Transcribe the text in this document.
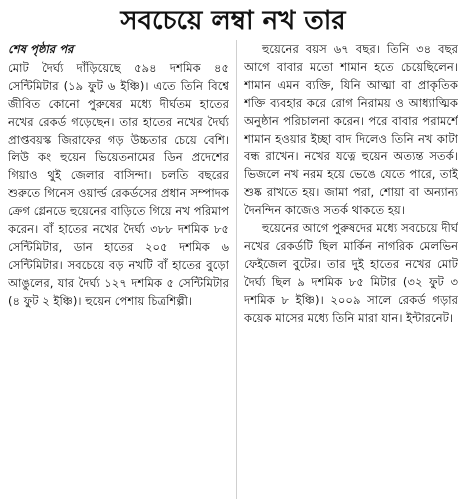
সবচেয়ে লম্বা নখ তার
শেষ পৃষ্ঠার পর

মোট দৈর্ঘ্য দাঁড়িয়েছে ৫৯৪ দশমিক ৪৫ সেন্টিমিটার (১৯ ফুট ৬ ইঞ্চি)। এতে তিনি বিশ্বে জীবিত কোনো পুরুষের মধ্যে দীর্ঘতম হাতের নখের রেকর্ড গড়েছেন। তার হাতের নখের দৈর্ঘ্য প্রাপ্তবয়স্ক জিরাফের গড় উচ্চতার চেয়ে বেশি। লিউ কং হুয়েন ভিয়েতনামের ডিন প্রদেশের গিয়াও থুই জেলার বাসিন্দা। চলতি বছরের শুরুতে গিনেস ওয়ার্ল্ড রেকর্ডসের প্রধান সম্পাদক ক্রেগ গ্লেনডে হুয়েনের বাড়িতে গিয়ে নখ পরিমাপ করেন। বাঁ হাতের নখের দৈর্ঘ্য ৩৮৮ দশমিক ৮৫ সেন্টিমিটার, ডান হাতের ২০৫ দশমিক ৬ সেন্টিমিটার। সবচেয়ে বড় নখটি বাঁ হাতের বুড়ো আঙুলের, যার দৈর্ঘ্য ১২৭ দশমিক ৫ সেন্টিমিটার (৪ ফুট ২ ইঞ্চি)। হুয়েন পেশায় চিত্রশিল্পী।

হুয়েনের বয়স ৬৭ বছর। তিনি ৩৪ বছর আগে বাবার মতো শামান হতে চেয়েছিলেন। শামান এমন ব্যক্তি, যিনি আত্মা বা প্রাকৃতিক শক্তি ব্যবহার করে রোগ নিরাময় ও আধ্যাত্মিক অনুষ্ঠান পরিচালনা করেন। পরে বাবার পরামর্শে শামান হওয়ার ইচ্ছা বাদ দিলেও তিনি নখ কাটা বন্ধ রাখেন। নখের যত্নে হুয়েন অত্যন্ত সতর্ক। ভিজলে নখ নরম হয়ে ভেঙে যেতে পারে, তাই শুষ্ক রাখতে হয়। জামা পরা, শোয়া বা অন্যান্য দৈনন্দিন কাজেও সতর্ক থাকতে হয়।

হুয়েনের আগে পুরুষদের মধ্যে সবচেয়ে দীর্ঘ নখের রেকর্ডটি ছিল মার্কিন নাগরিক মেলভিন ফেইজেল বুটের। তার দুই হাতের নখের মোট দৈর্ঘ্য ছিল ৯ দশমিক ৮৫ মিটার (৩২ ফুট ৩ দশমিক ৮ ইঞ্চি)। ২০০৯ সালে রেকর্ড গড়ার কয়েক মাসের মধ্যে তিনি মারা যান। ইন্টারনেট।
